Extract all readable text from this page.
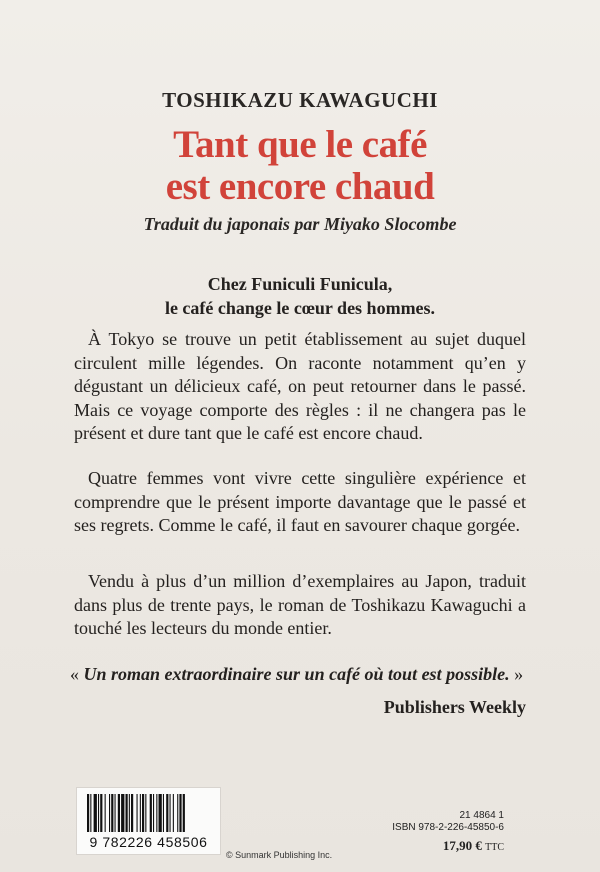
TOSHIKAZU KAWAGUCHI
Tant que le café
est encore chaud
Traduit du japonais par Miyako Slocombe
Chez Funiculi Funicula,
le café change le cœur des hommes.
À Tokyo se trouve un petit établissement au sujet duquel circulent mille légendes. On raconte notamment qu’en y dégustant un délicieux café, on peut retourner dans le passé. Mais ce voyage comporte des règles : il ne changera pas le présent et dure tant que le café est encore chaud.
Quatre femmes vont vivre cette singulière expérience et comprendre que le présent importe davantage que le passé et ses regrets. Comme le café, il faut en savourer chaque gorgée.
Vendu à plus d’un million d’exemplaires au Japon, traduit dans plus de trente pays, le roman de Toshikazu Kawaguchi a touché les lecteurs du monde entier.
« Un roman extraordinaire sur un café où tout est possible. »
Publishers Weekly
9 782226 458506
© Sunmark Publishing Inc.
21 4864 1
ISBN 978-2-226-45850-6
17,90 € TTC
